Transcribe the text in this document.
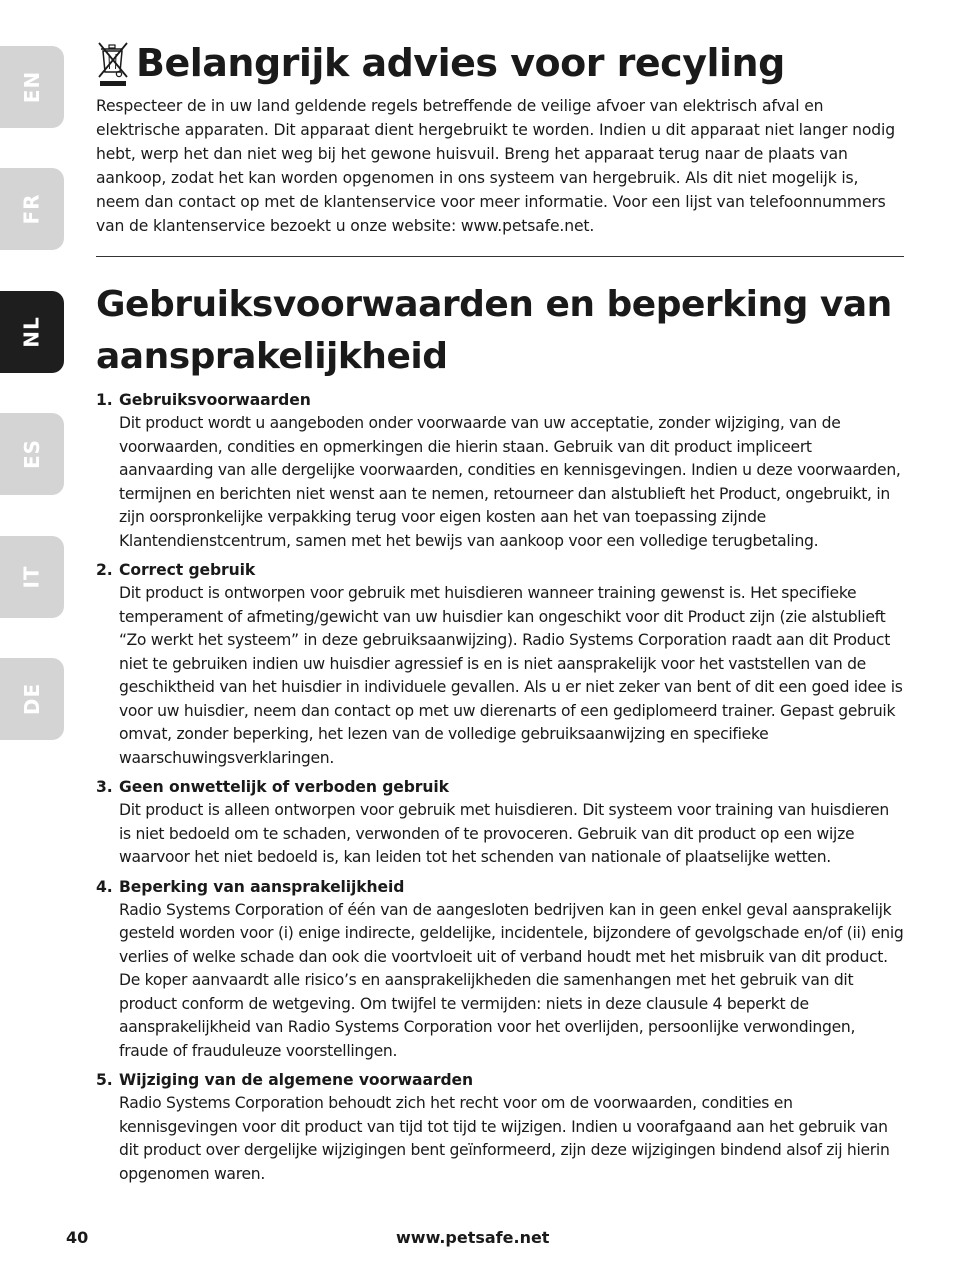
EN
FR
NL
ES
IT
DE
Belangrijk advies voor recyling

Respecteer de in uw land geldende regels betreffende de veilige afvoer van elektrisch afval en elektrische apparaten. Dit apparaat dient hergebruikt te worden. Indien u dit apparaat niet langer nodig hebt, werp het dan niet weg bij het gewone huisvuil. Breng het apparaat terug naar de plaats van aankoop, zodat het kan worden opgenomen in ons systeem van hergebruik. Als dit niet mogelijk is, neem dan contact op met de klantenservice voor meer informatie. Voor een lijst van telefoonnummers van de klantenservice bezoekt u onze website: www.petsafe.net.

Gebruiksvoorwaarden en beperking van aansprakelijkheid
1. Gebruiksvoorwaarden

Dit product wordt u aangeboden onder voorwaarde van uw acceptatie, zonder wijziging, van de voorwaarden, condities en opmerkingen die hierin staan. Gebruik van dit product impliceert aanvaarding van alle dergelijke voorwaarden, condities en kennisgevingen. Indien u deze voorwaarden, termijnen en berichten niet wenst aan te nemen, retourneer dan alstublieft het Product, ongebruikt, in zijn oorspronkelijke verpakking terug voor eigen kosten aan het van toepassing zijnde Klantendienstcentrum, samen met het bewijs van aankoop voor een volledige terugbetaling.

2. Correct gebruik

Dit product is ontworpen voor gebruik met huisdieren wanneer training gewenst is. Het specifieke temperament of afmeting/gewicht van uw huisdier kan ongeschikt voor dit Product zijn (zie alstublieft “Zo werkt het systeem” in deze gebruiksaanwijzing). Radio Systems Corporation raadt aan dit Product niet te gebruiken indien uw huisdier agressief is en is niet aansprakelijk voor het vaststellen van de geschiktheid van het huisdier in individuele gevallen. Als u er niet zeker van bent of dit een goed idee is voor uw huisdier, neem dan contact op met uw dierenarts of een gediplomeerd trainer. Gepast gebruik omvat, zonder beperking, het lezen van de volledige gebruiksaanwijzing en specifieke waarschuwingsverklaringen.

3. Geen onwettelijk of verboden gebruik

Dit product is alleen ontworpen voor gebruik met huisdieren. Dit systeem voor training van huisdieren is niet bedoeld om te schaden, verwonden of te provoceren. Gebruik van dit product op een wijze waarvoor het niet bedoeld is, kan leiden tot het schenden van nationale of plaatselijke wetten.

4. Beperking van aansprakelijkheid

Radio Systems Corporation of één van de aangesloten bedrijven kan in geen enkel geval aansprakelijk gesteld worden voor (i) enige indirecte, geldelijke, incidentele, bijzondere of gevolgschade en/of (ii) enig verlies of welke schade dan ook die voortvloeit uit of verband houdt met het misbruik van dit product. De koper aanvaardt alle risico’s en aansprakelijkheden die samenhangen met het gebruik van dit product conform de wetgeving. Om twijfel te vermijden: niets in deze clausule 4 beperkt de aansprakelijkheid van Radio Systems Corporation voor het overlijden, persoonlijke verwondingen, fraude of frauduleuze voorstellingen.

5. Wijziging van de algemene voorwaarden

Radio Systems Corporation behoudt zich het recht voor om de voorwaarden, condities en kennisgevingen voor dit product van tijd tot tijd te wijzigen. Indien u voorafgaand aan het gebruik van dit product over dergelijke wijzigingen bent geïnformeerd, zijn deze wijzigingen bindend alsof zij hierin opgenomen waren.

40	www.petsafe.net
